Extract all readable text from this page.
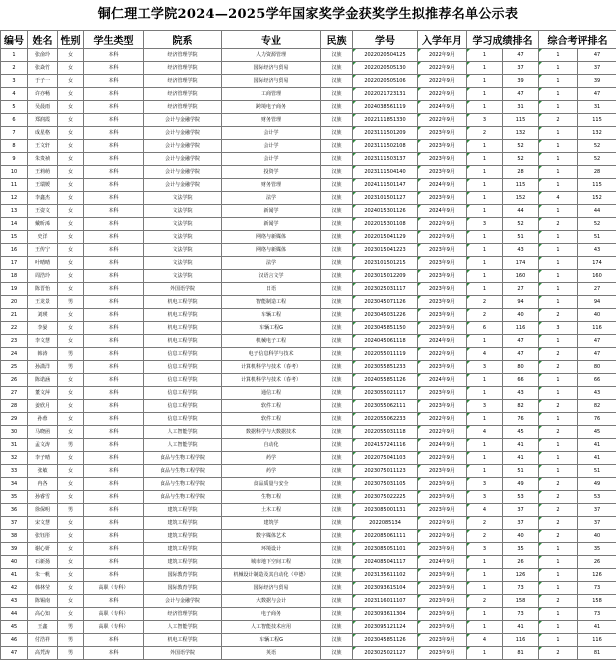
铜仁理工学院2024—2025学年国家奖学金获奖学生拟推荐名单公示表
编号	姓名	性别	学生类型	院系	专业	民族	学号	入学年月	学习成绩排名		综合考评排名	
1	张俞玲	女	本科	经济管理学院	人力资源管理	汉族	2022020504125	2022年9月	1	47	1	47
2	张焱竹	女	本科	经济管理学院	国际经济与贸易	汉族	2022020505130	2022年9月	1	37	1	37
3	于子一	女	本科	经济管理学院	国际经济与贸易	汉族	2022020505106	2022年9月	1	39	1	39
4	许亦畅	女	本科	经济管理学院	工商管理	汉族	2022021723131	2022年9月	1	47	1	47
5	吴晨雨	女	本科	经济管理学院	跨境电子商务	汉族	2024038561119	2024年9月	1	31	1	31
6	郑润霞	女	本科	会计与金融学院	财务管理	汉族	2022111851330	2022年9月	3	115	2	115
7	成星格	女	本科	会计与金融学院	会计学	汉族	2023111501209	2023年9月	2	132	1	132
8	王文轩	女	本科	会计与金融学院	会计学	汉族	2023111502108	2023年9月	1	52	1	52
9	朱贵祯	女	本科	会计与金融学院	会计学	汉族	2023111503137	2023年9月	1	52	1	52
10	王莉萌	女	本科	会计与金融学院	投资学	汉族	2023111504140	2023年9月	1	28	1	28
11	王瑞媛	女	本科	会计与金融学院	财务管理	汉族	2024111501147	2024年9月	1	115	1	115
12	李鑫杰	女	本科	文法学院	法学	汉族	2023101501127	2023年9月	1	152	4	152
13	王姿文	女	本科	文法学院	新闻学	汉族	2024015301126	2024年9月	1	44	1	44
14	戴昕浠	女	本科	文法学院	新闻学	汉族	2022015301108	2022年9月	3	52	2	52
15	史洋	女	本科	文法学院	网络与新媒体	汉族	2022015041129	2022年9月	1	51	1	51
16	王传宁	女	本科	文法学院	网络与新媒体	汉族	2023015041223	2023年9月	1	43	1	43
17	叶晴晴	女	本科	文法学院	法学	汉族	2023101501215	2023年9月	1	174	1	174
18	周浩玲	女	本科	文法学院	汉语言文学	汉族	2023015012209	2023年9月	1	160	1	160
19	陈晋怡	女	本科	外国语学院	日语	汉族	2023025031117	2023年9月	1	27	1	27
20	王龙景	男	本科	机电工程学院	智能制造工程	汉族	2023045071126	2023年9月	2	94	1	94
21	刘瑛	女	本科	机电工程学院	车辆工程	汉族	2023045031226	2023年9月	2	40	2	40
22	李晏	女	本科	机电工程学院	车辆工程G	汉族	2023045851150	2023年9月	6	116	3	116
23	李文慧	女	本科	机电工程学院	机械电子工程	汉族	2024045061118	2024年9月	1	47	1	47
24	韩涛	男	本科	信息工程学院	电子信息科学与技术	汉族	2022055011119	2022年9月	4	47	2	47
25	孙潇洋	男	本科	信息工程学院	计算机科学与技术（春考）	汉族	2023055851233	2023年9月	3	80	2	80
26	陈诺涵	女	本科	信息工程学院	计算机科学与技术（春考）	汉族	2024055851126	2024年9月	1	66	1	66
27	董文萍	女	本科	信息工程学院	通信工程	汉族	2023055021117	2023年9月	1	43	1	43
28	姜欣月	女	本科	信息工程学院	软件工程	汉族	2023055062111	2023年9月	3	82	2	82
29	孙蓉	女	本科	信息工程学院	软件工程	汉族	2022055062233	2022年9月	1	76	1	76
30	马晓函	女	本科	人工智能学院	数据科学与大数据技术	汉族	2022055031118	2022年9月	4	45	2	45
31	孟文涛	男	本科	人工智能学院	自动化	汉族	2024157241116	2024年9月	1	41	1	41
32	李子晴	女	本科	食品与生物工程学院	药学	汉族	2022075041103	2022年9月	1	41	1	41
33	张敏	女	本科	食品与生物工程学院	药学	汉族	2023075011123	2023年9月	1	51	1	51
34	冉各	女	本科	食品与生物工程学院	食品质量与安全	汉族	2023075031105	2023年9月	3	49	2	49
35	孙睿雪	女	本科	食品与生物工程学院	生物工程	汉族	2023075022225	2023年9月	3	53	2	53
36	徐保明	男	本科	建筑工程学院	土木工程	汉族	2023085001131	2023年9月	4	37	2	37
37	宋文慧	女	本科	建筑工程学院	建筑学	汉族	2022085134	2022年9月	2	37	2	37
38	张钰彤	女	本科	建筑工程学院	数字媒体艺术	汉族	2022085061111	2022年9月	2	40	2	40
39	谢心妍	女	本科	建筑工程学院	环境设计	汉族	2023085051101	2023年9月	3	35	1	35
40	石新扬	女	本科	建筑工程学院	城市地下空间工程	汉族	2024085041117	2024年9月	1	26	1	26
41	朱一帆	女	本科	国际教育学院	机械设计制造及其自动化（中德）	汉族	2023135611102	2023年9月	1	126	1	126
42	韩林莹	女	高职（专科）	国际教育学院	国际经济与贸易	汉族	2023093615104	2023年9月	1	73	1	73
43	陈锡南	女	本科	会计与金融学院	大数据与会计	汉族	2023116011107	2023年9月	2	158	2	158
44	高心知	女	高职（专科）	经济管理学院	电子商务	汉族	2023093611304	2023年9月	1	73	1	73
45	王鑫	男	高职（专科）	人工智能学院	人工智能技术应用	汉族	2023095121124	2023年9月	1	41	1	41
46	付浩祥	男	本科	机电工程学院	车辆工程G	汉族	2023045851126	2023年9月	4	116	1	116
47	高凭涛	男	本科	外国语学院	英语	汉族	2023025021127	2023年9月	1	81	2	81
